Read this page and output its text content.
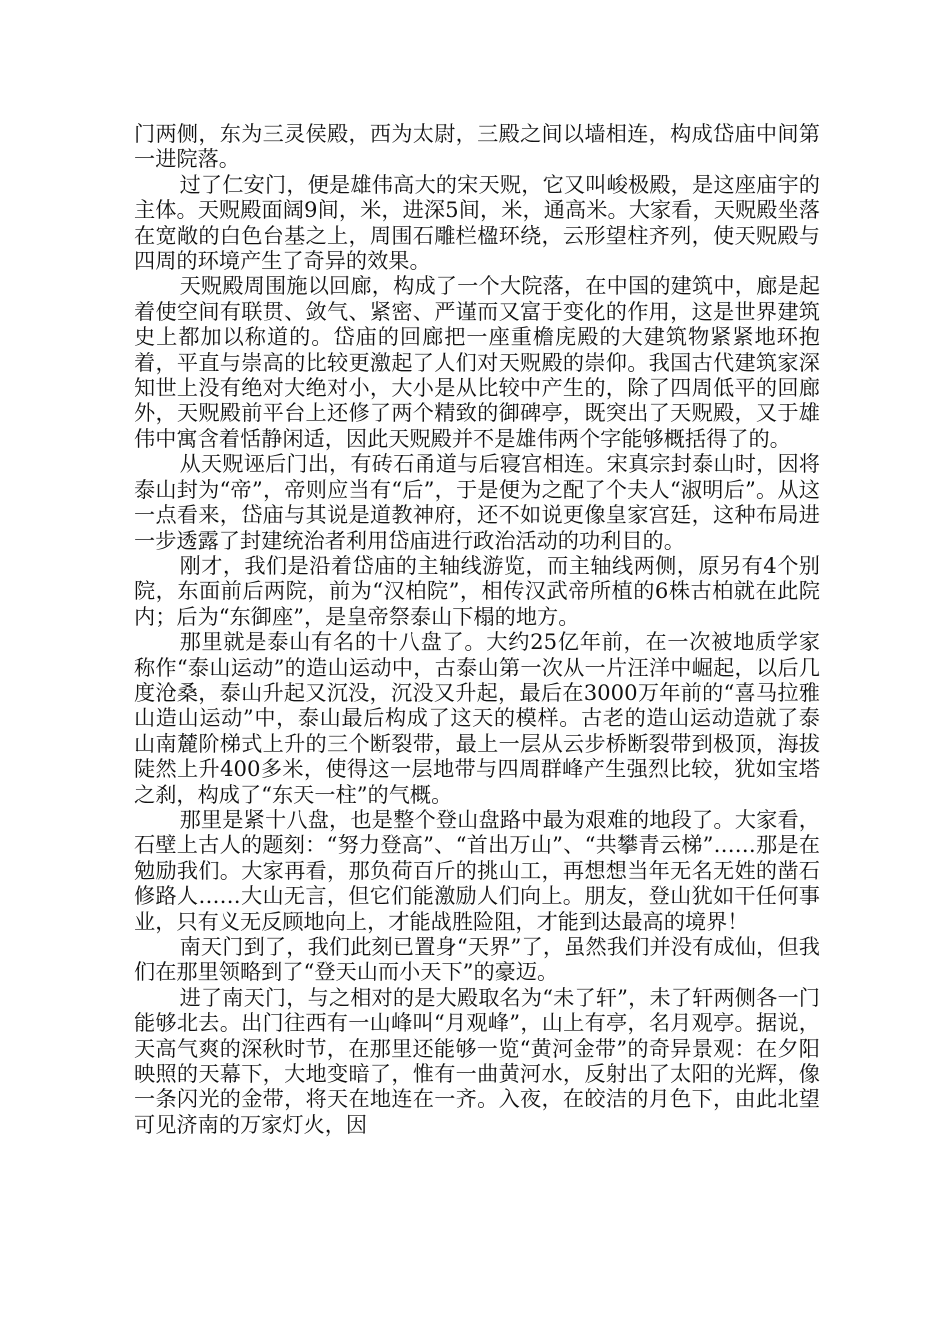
门两侧，东为三灵侯殿，西为太尉，三殿之间以墙相连，构成岱庙中间第一进院落。

过了仁安门，便是雄伟高大的宋天贶，它又叫峻极殿，是这座庙宇的主体。天贶殿面阔9间，米，进深5间，米，通高米。大家看，天贶殿坐落在宽敞的白色台基之上，周围石雕栏楹环绕，云形望柱齐列，使天贶殿与四周的环境产生了奇异的效果。

天贶殿周围施以回廊，构成了一个大院落，在中国的建筑中，廊是起着使空间有联贯、敛气、紧密、严谨而又富于变化的作用，这是世界建筑史上都加以称道的。岱庙的回廊把一座重檐庑殿的大建筑物紧紧地环抱着，平直与崇高的比较更激起了人们对天贶殿的崇仰。我国古代建筑家深知世上没有绝对大绝对小，大小是从比较中产生的，除了四周低平的回廊外，天贶殿前平台上还修了两个精致的御碑亭，既突出了天贶殿，又于雄伟中寓含着恬静闲适，因此天贶殿并不是雄伟两个字能够概括得了的。

从天贶诬后门出，有砖石甬道与后寝宫相连。宋真宗封泰山时，因将泰山封为“帝”，帝则应当有“后”，于是便为之配了个夫人“淑明后”。从这一点看来，岱庙与其说是道教神府，还不如说更像皇家宫廷，这种布局进一步透露了封建统治者利用岱庙进行政治活动的功利目的。

刚才，我们是沿着岱庙的主轴线游览，而主轴线两侧，原另有4个别院，东面前后两院，前为“汉柏院”，相传汉武帝所植的6株古柏就在此院内；后为“东御座”，是皇帝祭泰山下榻的地方。

那里就是泰山有名的十八盘了。大约25亿年前，在一次被地质学家称作“泰山运动”的造山运动中，古泰山第一次从一片汪洋中崛起，以后几度沧桑，泰山升起又沉没，沉没又升起，最后在3000万年前的“喜马拉雅山造山运动”中，泰山最后构成了这天的模样。古老的造山运动造就了泰山南麓阶梯式上升的三个断裂带，最上一层从云步桥断裂带到极顶，海拔陡然上升400多米，使得这一层地带与四周群峰产生强烈比较，犹如宝塔之刹，构成了“东天一柱”的气概。

那里是紧十八盘，也是整个登山盘路中最为艰难的地段了。大家看，石壁上古人的题刻：“努力登高”、“首出万山”、“共攀青云梯”……那是在勉励我们。大家再看，那负荷百斤的挑山工，再想想当年无名无姓的凿石修路人……大山无言，但它们能激励人们向上。朋友，登山犹如干任何事业，只有义无反顾地向上，才能战胜险阻，才能到达最高的境界！

南天门到了，我们此刻已置身“天界”了，虽然我们并没有成仙，但我们在那里领略到了“登天山而小天下”的豪迈。

进了南天门，与之相对的是大殿取名为“未了轩”，未了轩两侧各一门能够北去。出门往西有一山峰叫“月观峰”，山上有亭，名月观亭。据说，天高气爽的深秋时节，在那里还能够一览“黄河金带”的奇异景观：在夕阳映照的天幕下，大地变暗了，惟有一曲黄河水，反射出了太阳的光辉，像一条闪光的金带，将天在地连在一齐。入夜，在皎洁的月色下，由此北望可见济南的万家灯火，因
